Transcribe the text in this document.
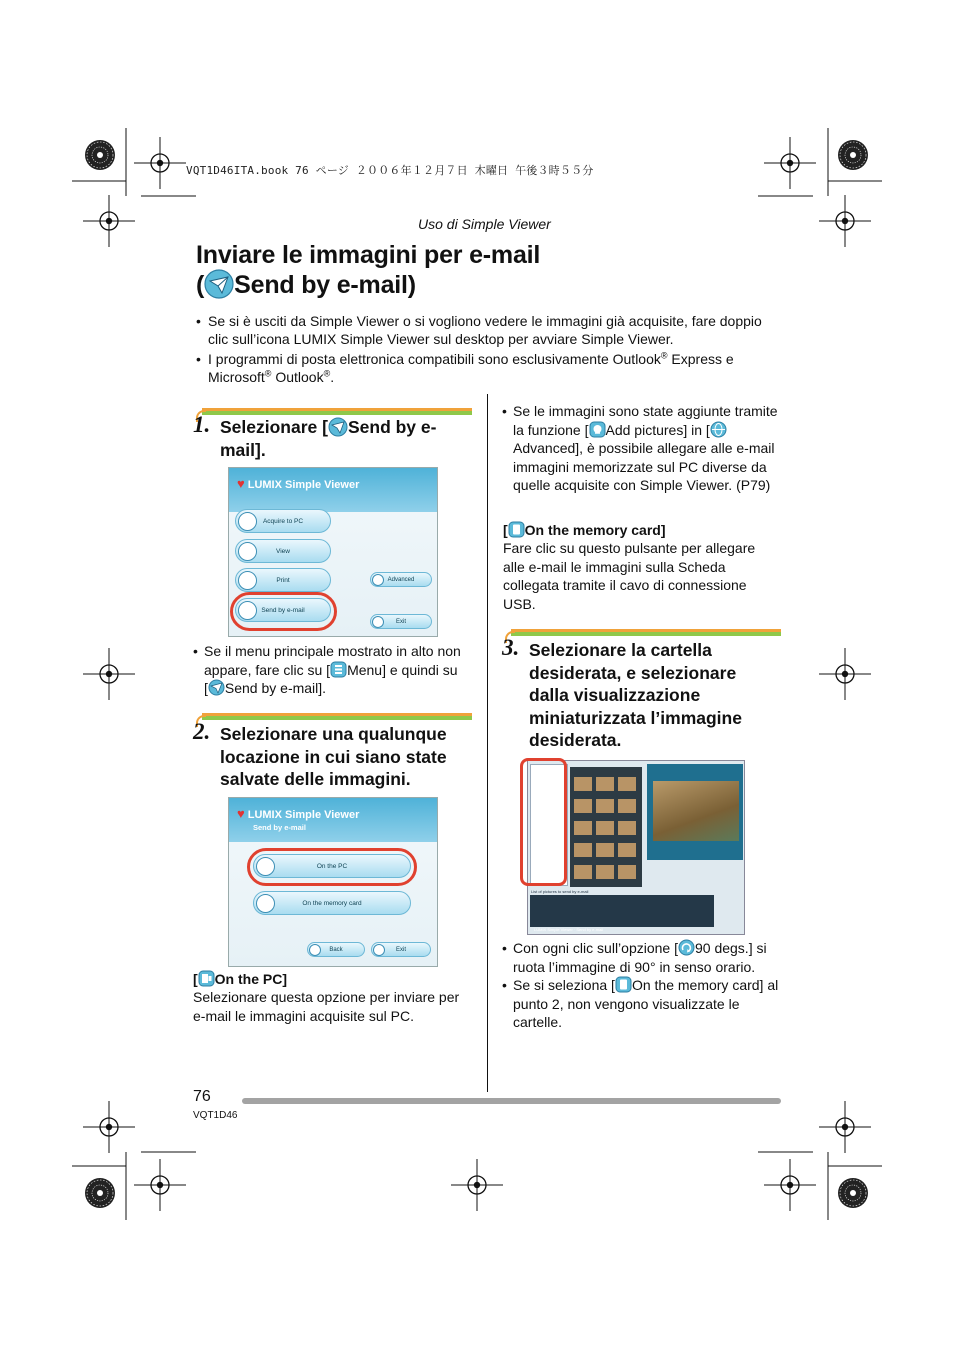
VQT1D46ITA.book 76 ページ ２００６年１２月７日 木曜日 午後３時５５分
Uso di Simple Viewer
Inviare le immagini per e-mail
( Send by e-mail)
• Se si è usciti da Simple Viewer o si vogliono vedere le immagini già acquisite, fare doppio clic sull’icona LUMIX Simple Viewer sul desktop per avviare Simple Viewer.
• I programmi di posta elettronica compatibili sono esclusivamente Outlook® Express e Microsoft® Outlook®.
1. Selezionare [ Send by e-mail].
♥ LUMIX Simple Viewer
Acquire to PC
View
Print
Send by e-mail
Advanced
Exit
• Se il menu principale mostrato in alto non appare, fare clic su [ Menu] e quindi su [ Send by e-mail].
2. Selezionare una qualunque locazione in cui siano state salvate delle immagini.
♥ LUMIX Simple Viewer
Send by e-mail
On the PC
On the memory card
Back	Exit
[ On the PC]
Selezionare questa opzione per inviare per e-mail le immagini acquisite sul PC.
• Se le immagini sono state aggiunte tramite la funzione [ Add pictures] in [Advanced], è possibile allegare alle e-mail immagini memorizzate sul PC diverse da quelle acquisite con Simple Viewer. (P79)
[ On the memory card]
Fare clic su questo pulsante per allegare alle e-mail le immagini sulla Scheda collegata tramite il cavo di connessione USB.
3. Selezionare la cartella desiderata, e selezionare dalla visualizzazione miniaturizzata l’immagine desiderata.
List of pictures to send by e-mail
LUMIX Simple Viewer · Send by e-mail
• Con ogni clic sull’opzione [ 90 degs.] si ruota l’immagine di 90° in senso orario.
• Se si seleziona [ On the memory card] al punto 2, non vengono visualizzate le cartelle.
76
VQT1D46
